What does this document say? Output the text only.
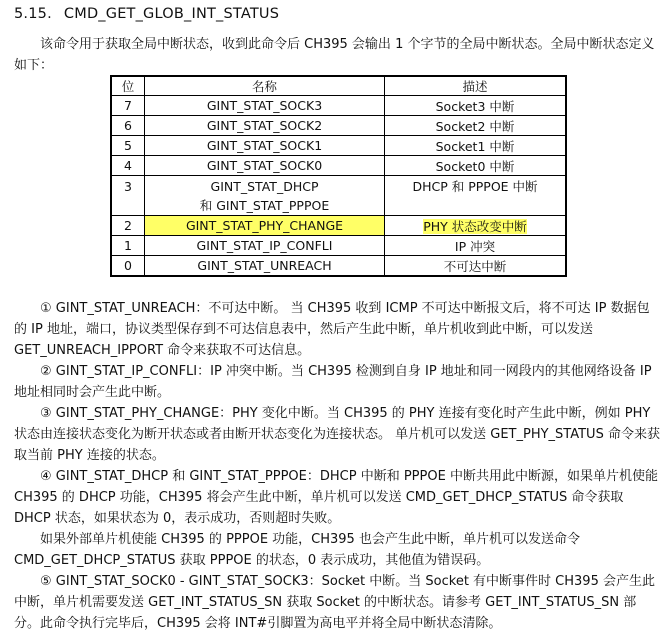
5.15. CMD_GET_GLOB_INT_STATUS
该命令用于获取全局中断状态，收到此命令后 CH395 会输出 1 个字节的全局中断状态。全局中断状态定义如下：
位	名称	描述
7	GINT_STAT_SOCK3	Socket3 中断
6	GINT_STAT_SOCK2	Socket2 中断
5	GINT_STAT_SOCK1	Socket1 中断
4	GINT_STAT_SOCK0	Socket0 中断
3	GINT_STAT_DHCP
和 GINT_STAT_PPPOE	DHCP 和 PPPOE 中断
2	GINT_STAT_PHY_CHANGE	PHY 状态改变中断
1	GINT_STAT_IP_CONFLI	IP 冲突
0	GINT_STAT_UNREACH	不可达中断
① GINT_STAT_UNREACH：不可达中断。 当 CH395 收到 ICMP 不可达中断报文后，将不可达 IP 数据包的 IP 地址，端口，协议类型保存到不可达信息表中，然后产生此中断，单片机收到此中断，可以发送 GET_UNREACH_IPPORT 命令来获取不可达信息。
② GINT_STAT_IP_CONFLI：IP 冲突中断。当 CH395 检测到自身 IP 地址和同一网段内的其他网络设备 IP 地址相同时会产生此中断。
③ GINT_STAT_PHY_CHANGE：PHY 变化中断。当 CH395 的 PHY 连接有变化时产生此中断，例如 PHY 状态由连接状态变化为断开状态或者由断开状态变化为连接状态。 单片机可以发送 GET_PHY_STATUS 命令来获取当前 PHY 连接的状态。
④ GINT_STAT_DHCP 和 GINT_STAT_PPPOE：DHCP 中断和 PPPOE 中断共用此中断源，如果单片机使能 CH395 的 DHCP 功能，CH395 将会产生此中断，单片机可以发送 CMD_GET_DHCP_STATUS 命令获取 DHCP 状态，如果状态为 0，表示成功，否则超时失败。
如果外部单片机使能 CH395 的 PPPOE 功能，CH395 也会产生此中断，单片机可以发送命令 CMD_GET_DHCP_STATUS 获取 PPPOE 的状态，0 表示成功，其他值为错误码。
⑤ GINT_STAT_SOCK0 - GINT_STAT_SOCK3：Socket 中断。当 Socket 有中断事件时 CH395 会产生此中断，单片机需要发送 GET_INT_STATUS_SN 获取 Socket 的中断状态。请参考 GET_INT_STATUS_SN 部分。 此命令执行完毕后，CH395 会将 INT#引脚置为高电平并将全局中断状态清除。
